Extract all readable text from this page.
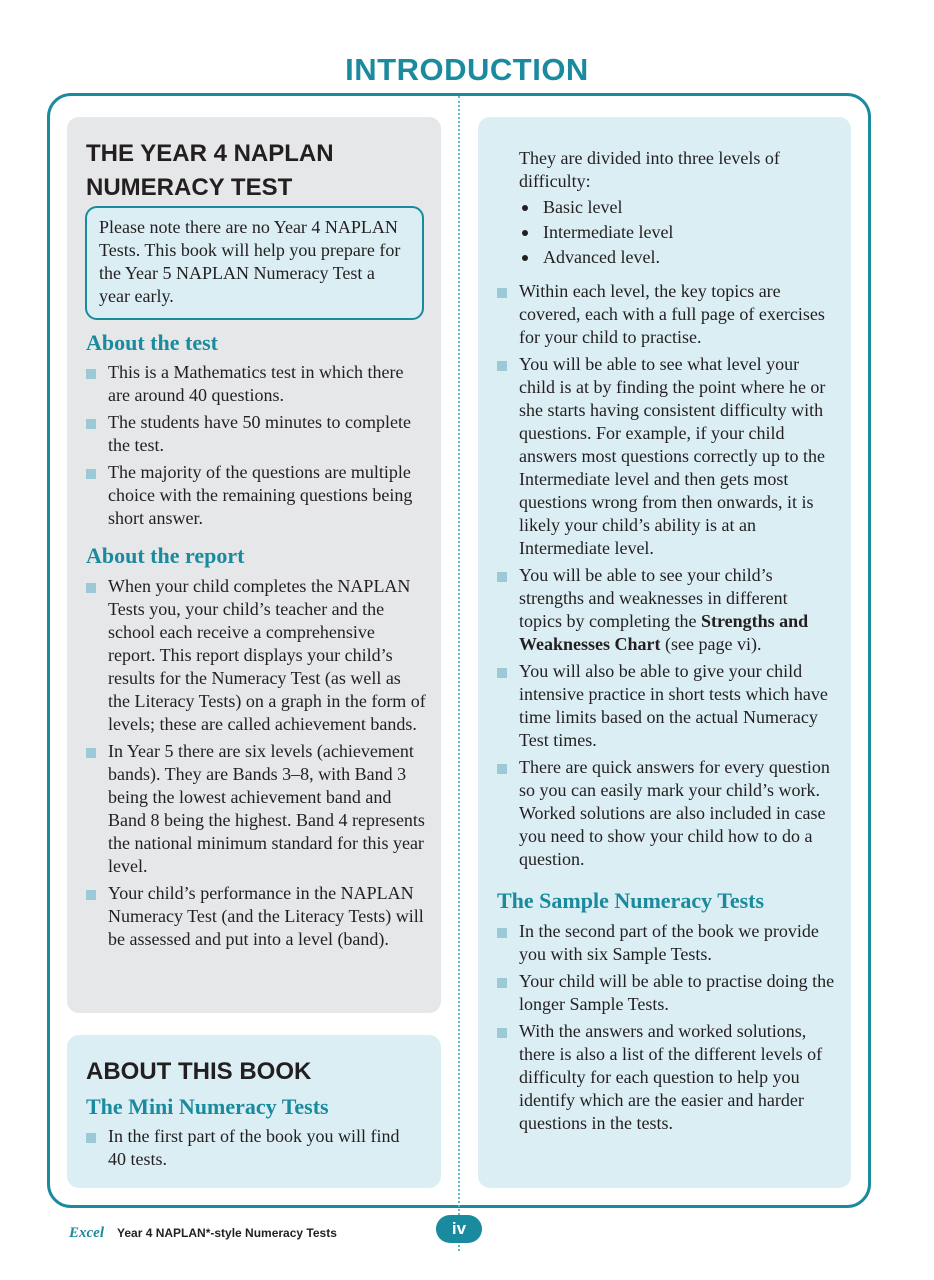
INTRODUCTION
THE YEAR 4 NAPLAN
NUMERACY TEST
Please note there are no Year 4 NAPLAN Tests. This book will help you prepare for the Year 5 NAPLAN Numeracy Test a year early.
About the test
This is a Mathematics test in which there are around 40 questions.
The students have 50 minutes to complete the test.
The majority of the questions are multiple choice with the remaining questions being short answer.
About the report
When your child completes the NAPLAN Tests you, your child’s teacher and the school each receive a comprehensive report. This report displays your child’s results for the Numeracy Test (as well as the Literacy Tests) on a graph in the form of levels; these are called achievement bands.
In Year 5 there are six levels (achievement bands). They are Bands 3–8, with Band 3 being the lowest achievement band and Band 8 being the highest. Band 4 represents the national minimum standard for this year level.
Your child’s performance in the NAPLAN Numeracy Test (and the Literacy Tests) will be assessed and put into a level (band).
ABOUT THIS BOOK
The Mini Numeracy Tests
In the first part of the book you will find 40 tests.
They are divided into three levels of difficulty:
Basic level
Intermediate level
Advanced level.
Within each level, the key topics are covered, each with a full page of exercises for your child to practise.
You will be able to see what level your child is at by finding the point where he or she starts having consistent difficulty with questions. For example, if your child answers most questions correctly up to the Intermediate level and then gets most questions wrong from then onwards, it is likely your child’s ability is at an Intermediate level.
You will be able to see your child’s strengths and weaknesses in different topics by completing the Strengths and Weaknesses Chart (see page vi).
You will also be able to give your child intensive practice in short tests which have time limits based on the actual Numeracy Test times.
There are quick answers for every question so you can easily mark your child’s work. Worked solutions are also included in case you need to show your child how to do a question.
The Sample Numeracy Tests
In the second part of the book we provide you with six Sample Tests.
Your child will be able to practise doing the longer Sample Tests.
With the answers and worked solutions, there is also a list of the different levels of difficulty for each question to help you identify which are the easier and harder questions in the tests.
Excel Year 4 NAPLAN*-style Numeracy Tests	iv
